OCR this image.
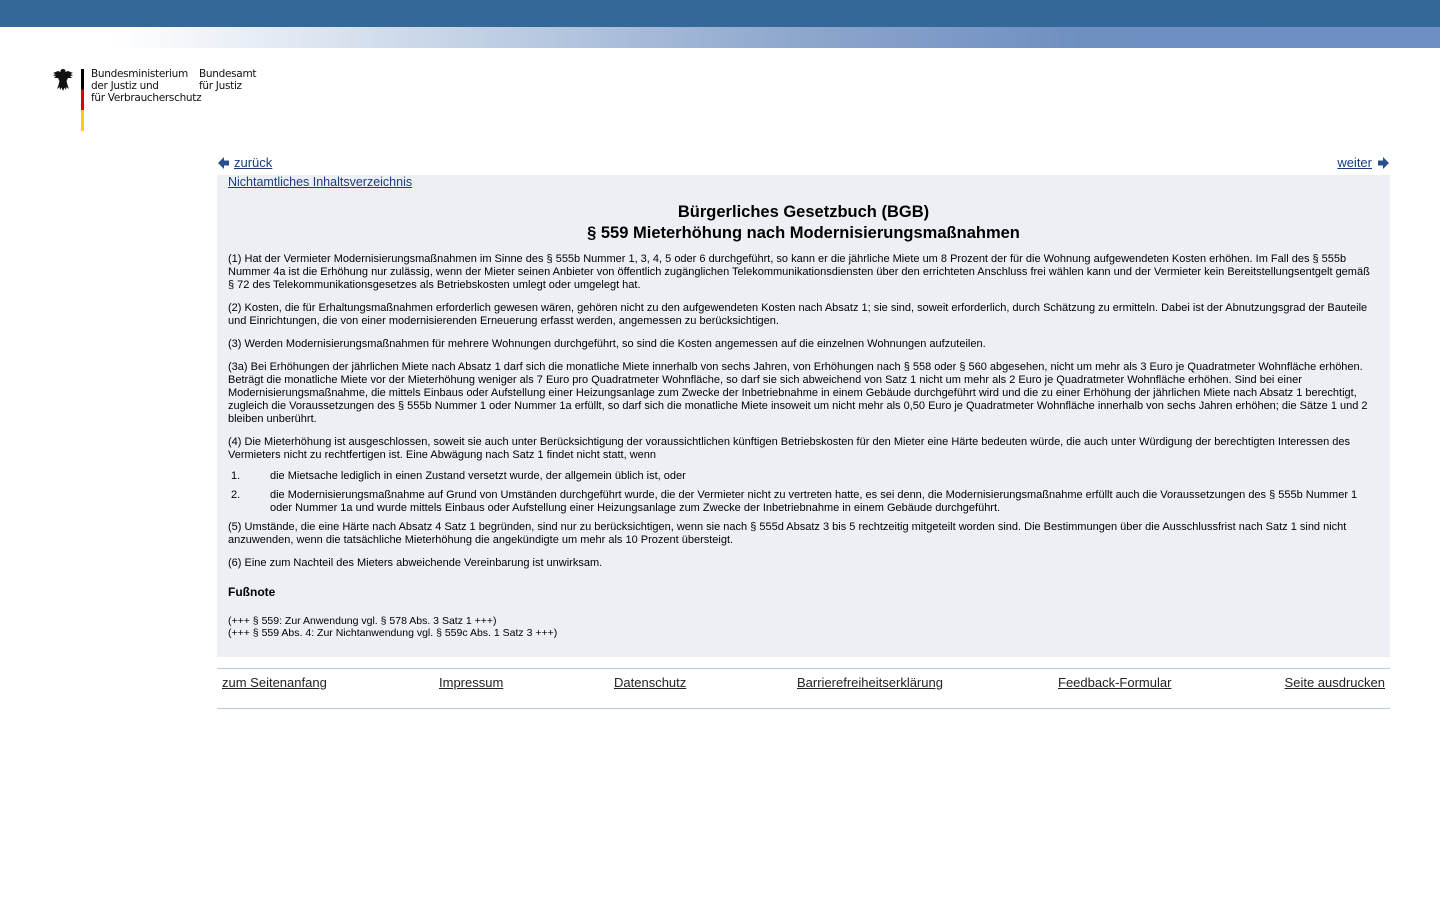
Bundesministerium
der Justiz und
für Verbraucherschutz
Bundesamt
für Justiz
zurück	weiter
Nichtamtliches Inhaltsverzeichnis
Bürgerliches Gesetzbuch (BGB)
§ 559 Mieterhöhung nach Modernisierungsmaßnahmen

(1) Hat der Vermieter Modernisierungsmaßnahmen im Sinne des § 555b Nummer 1, 3, 4, 5 oder 6 durchgeführt, so kann er die jährliche Miete um 8 Prozent der für die Wohnung aufgewendeten Kosten erhöhen. Im Fall des § 555b Nummer 4a ist die Erhöhung nur zulässig, wenn der Mieter seinen Anbieter von öffentlich zugänglichen Telekommunikationsdiensten über den errichteten Anschluss frei wählen kann und der Vermieter kein Bereitstellungsentgelt gemäß § 72 des Telekommunikationsgesetzes als Betriebskosten umlegt oder umgelegt hat.

(2) Kosten, die für Erhaltungsmaßnahmen erforderlich gewesen wären, gehören nicht zu den aufgewendeten Kosten nach Absatz 1; sie sind, soweit erforderlich, durch Schätzung zu ermitteln. Dabei ist der Abnutzungsgrad der Bauteile und Einrichtungen, die von einer modernisierenden Erneuerung erfasst werden, angemessen zu berücksichtigen.

(3) Werden Modernisierungsmaßnahmen für mehrere Wohnungen durchgeführt, so sind die Kosten angemessen auf die einzelnen Wohnungen aufzuteilen.

(3a) Bei Erhöhungen der jährlichen Miete nach Absatz 1 darf sich die monatliche Miete innerhalb von sechs Jahren, von Erhöhungen nach § 558 oder § 560 abgesehen, nicht um mehr als 3 Euro je Quadratmeter Wohnfläche erhöhen. Beträgt die monatliche Miete vor der Mieterhöhung weniger als 7 Euro pro Quadratmeter Wohnfläche, so darf sie sich abweichend von Satz 1 nicht um mehr als 2 Euro je Quadratmeter Wohnfläche erhöhen. Sind bei einer Modernisierungsmaßnahme, die mittels Einbaus oder Aufstellung einer Heizungsanlage zum Zwecke der Inbetriebnahme in einem Gebäude durchgeführt wird und die zu einer Erhöhung der jährlichen Miete nach Absatz 1 berechtigt, zugleich die Voraussetzungen des § 555b Nummer 1 oder Nummer 1a erfüllt, so darf sich die monatliche Miete insoweit um nicht mehr als 0,50 Euro je Quadratmeter Wohnfläche innerhalb von sechs Jahren erhöhen; die Sätze 1 und 2 bleiben unberührt.

(4) Die Mieterhöhung ist ausgeschlossen, soweit sie auch unter Berücksichtigung der voraussichtlichen künftigen Betriebskosten für den Mieter eine Härte bedeuten würde, die auch unter Würdigung der berechtigten Interessen des Vermieters nicht zu rechtfertigen ist. Eine Abwägung nach Satz 1 findet nicht statt, wenn

1.	die Mietsache lediglich in einen Zustand versetzt wurde, der allgemein üblich ist, oder
2.	die Modernisierungsmaßnahme auf Grund von Umständen durchgeführt wurde, die der Vermieter nicht zu vertreten hatte, es sei denn, die Modernisierungsmaßnahme erfüllt auch die Voraussetzungen des § 555b Nummer 1 oder Nummer 1a und wurde mittels Einbaus oder Aufstellung einer Heizungsanlage zum Zwecke der Inbetriebnahme in einem Gebäude durchgeführt.

(5) Umstände, die eine Härte nach Absatz 4 Satz 1 begründen, sind nur zu berücksichtigen, wenn sie nach § 555d Absatz 3 bis 5 rechtzeitig mitgeteilt worden sind. Die Bestimmungen über die Ausschlussfrist nach Satz 1 sind nicht anzuwenden, wenn die tatsächliche Mieterhöhung die angekündigte um mehr als 10 Prozent übersteigt.

(6) Eine zum Nachteil des Mieters abweichende Vereinbarung ist unwirksam.

Fußnote
(+++ § 559: Zur Anwendung vgl. § 578 Abs. 3 Satz 1 +++)
(+++ § 559 Abs. 4: Zur Nichtanwendung vgl. § 559c Abs. 1 Satz 3 +++)
zum Seitenanfang	Impressum	Datenschutz	Barrierefreiheitserklärung	Feedback-Formular	Seite ausdrucken
